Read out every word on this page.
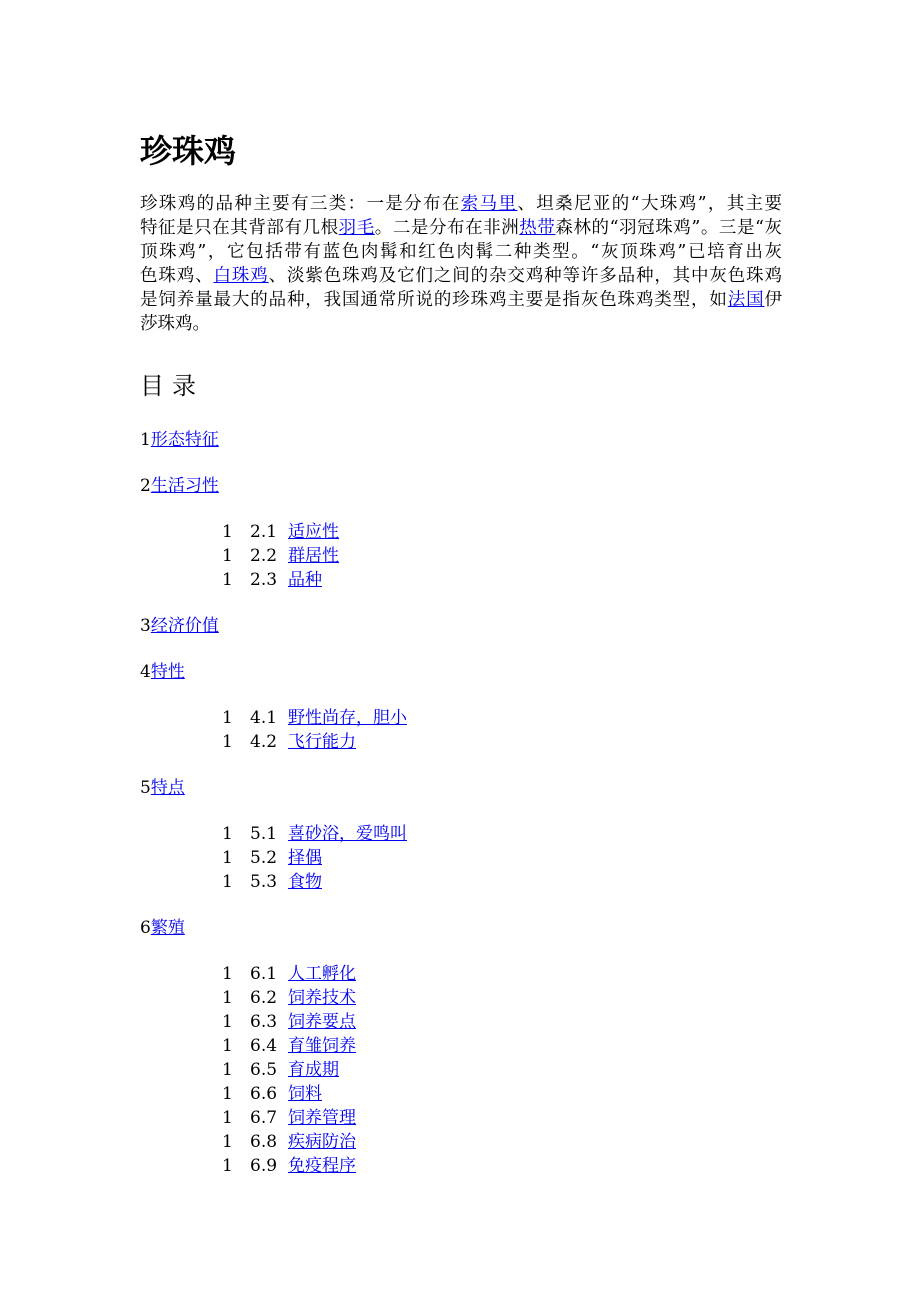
珍珠鸡
珍珠鸡的品种主要有三类：一是分布在索马里、坦桑尼亚的“大珠鸡”，其主要
特征是只在其背部有几根羽毛。二是分布在非洲热带森林的“羽冠珠鸡”。三是“灰
顶珠鸡”，它包括带有蓝色肉髯和红色肉髯二种类型。“灰顶珠鸡”已培育出灰
色珠鸡、白珠鸡、淡紫色珠鸡及它们之间的杂交鸡种等许多品种，其中灰色珠鸡
是饲养量最大的品种，我国通常所说的珍珠鸡主要是指灰色珠鸡类型，如法国伊
莎珠鸡。
目录
1形态特征
2生活习性
1 2.1 适应性
1 2.2 群居性
1 2.3 品种
3经济价值
4特性
1 4.1 野性尚存，胆小
1 4.2 飞行能力
5特点
1 5.1 喜砂浴，爱鸣叫
1 5.2 择偶
1 5.3 食物
6繁殖
1 6.1 人工孵化
1 6.2 饲养技术
1 6.3 饲养要点
1 6.4 育雏饲养
1 6.5 育成期
1 6.6 饲料
1 6.7 饲养管理
1 6.8 疾病防治
1 6.9 免疫程序
